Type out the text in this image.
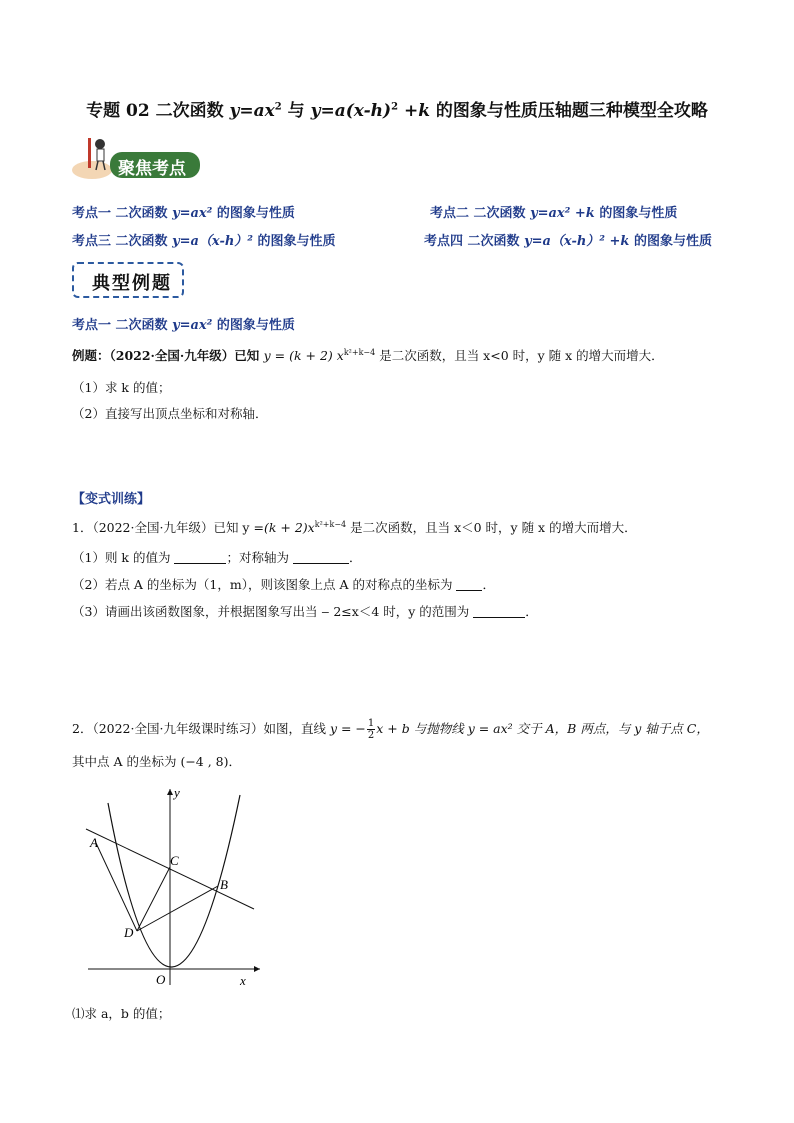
专题 02 二次函数 $y=ax^2$ 与 $y=a(x-h)^2 +k$ 的图象与性质压轴题三种模型全攻略
聚焦考点
考点一 二次函数 y=ax² 的图象与性质	考点二 二次函数 y=ax² +k 的图象与性质
考点三 二次函数 y=a（x-h）² 的图象与性质	考点四 二次函数 y=a（x-h）² +k 的图象与性质
典型例题
考点一 二次函数 y=ax² 的图象与性质
例题：（2022·全国·九年级）已知 y = (k + 2) $x^{k^2+k-4}$ 是二次函数，且当 x<0 时，y 随 x 的增大而增大．
（1）求 k 的值；
（2）直接写出顶点坐标和对称轴．
【变式训练】
1．（2022·全国·九年级）已知 $y =(k + 2)x^{k^2+k-4}$ 是二次函数，且当 x＜0 时，y 随 x 的增大而增大．
（1）则 k 的值为	；对称轴为	．
（2）若点 A 的坐标为（1，m），则该图象上点 A 的对称点的坐标为 ．
（3）请画出该函数图象，并根据图象写出当 ‒ 2≤x＜4 时，y 的范围为	．
2．（2022·全国·九年级课时练习）如图，直线 y = − $\frac{1}{2}$ x + b 与抛物线 y = ax² 交于 A，B 两点，与 y 轴于点 C，
其中点 A 的坐标为 (−4 , 8)．
y
x
O
A
B
C
D
⑴求 a，b 的值；
